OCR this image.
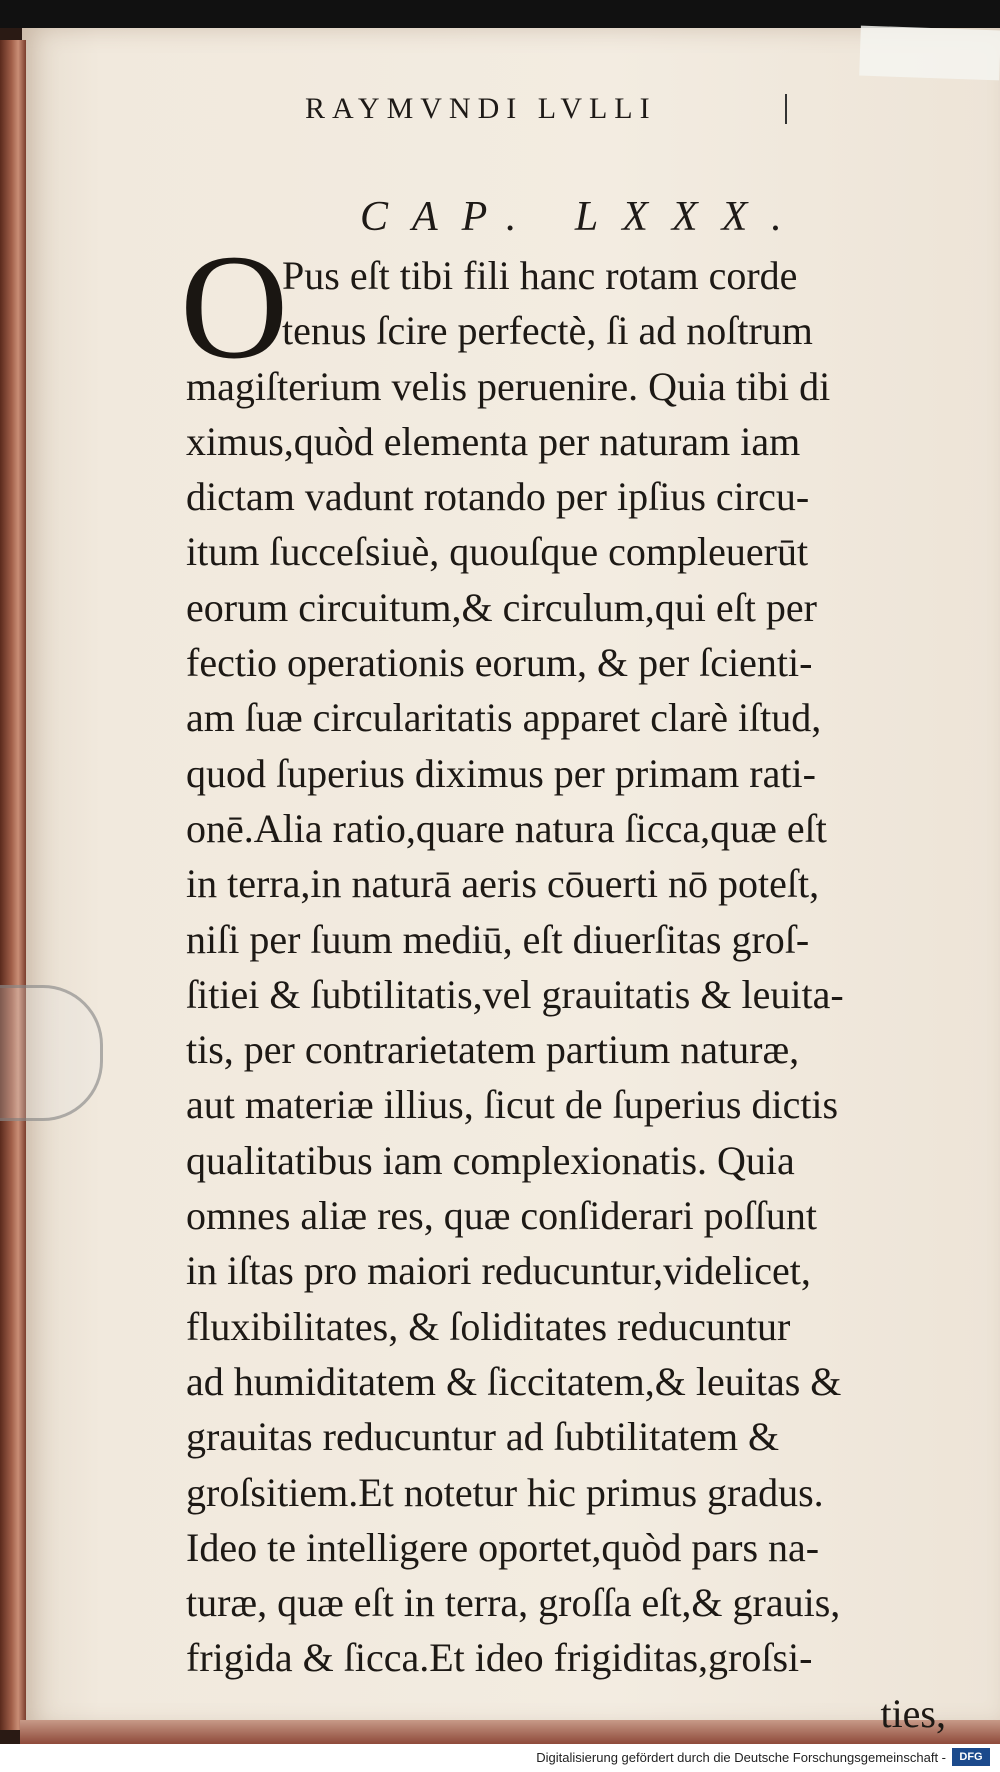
RAYMVNDI LVLLI
CAP. LXXX.
O
Pus eſt tibi fili hanc rotam corde
tenus ſcire perfectè, ſi ad noſtrum
magiſterium velis peruenire. Quia tibi di
ximus,quòd elementa per naturam iam
dictam vadunt rotando per ipſius circu-
itum ſucceſsiuè, quouſque compleuerūt
eorum circuitum,& circulum,qui eſt per
fectio operationis eorum, & per ſcienti-
am ſuæ circularitatis apparet clarè iſtud,
quod ſuperius diximus per primam rati-
onē.Alia ratio,quare natura ſicca,quæ eſt
in terra,in naturā aeris cōuerti nō poteſt,
niſi per ſuum mediū, eſt diuerſitas groſ-
ſitiei & ſubtilitatis,vel grauitatis & leuita-
tis, per contrarietatem partium naturæ,
aut materiæ illius, ſicut de ſuperius dictis
qualitatibus iam complexionatis. Quia
omnes aliæ res, quæ conſiderari poſſunt
in iſtas pro maiori reducuntur,videlicet,
fluxibilitates, & ſoliditates reducuntur
ad humiditatem & ſiccitatem,& leuitas &
grauitas reducuntur ad ſubtilitatem &
groſsitiem.Et notetur hic primus gradus.
Ideo te intelligere oportet,quòd pars na-
turæ, quæ eſt in terra, groſſa eſt,& grauis,
frigida & ſicca.Et ideo frigiditas,groſsi-
ties,
Digitalisierung gefördert durch die Deutsche Forschungsgemeinschaft -	DFG
